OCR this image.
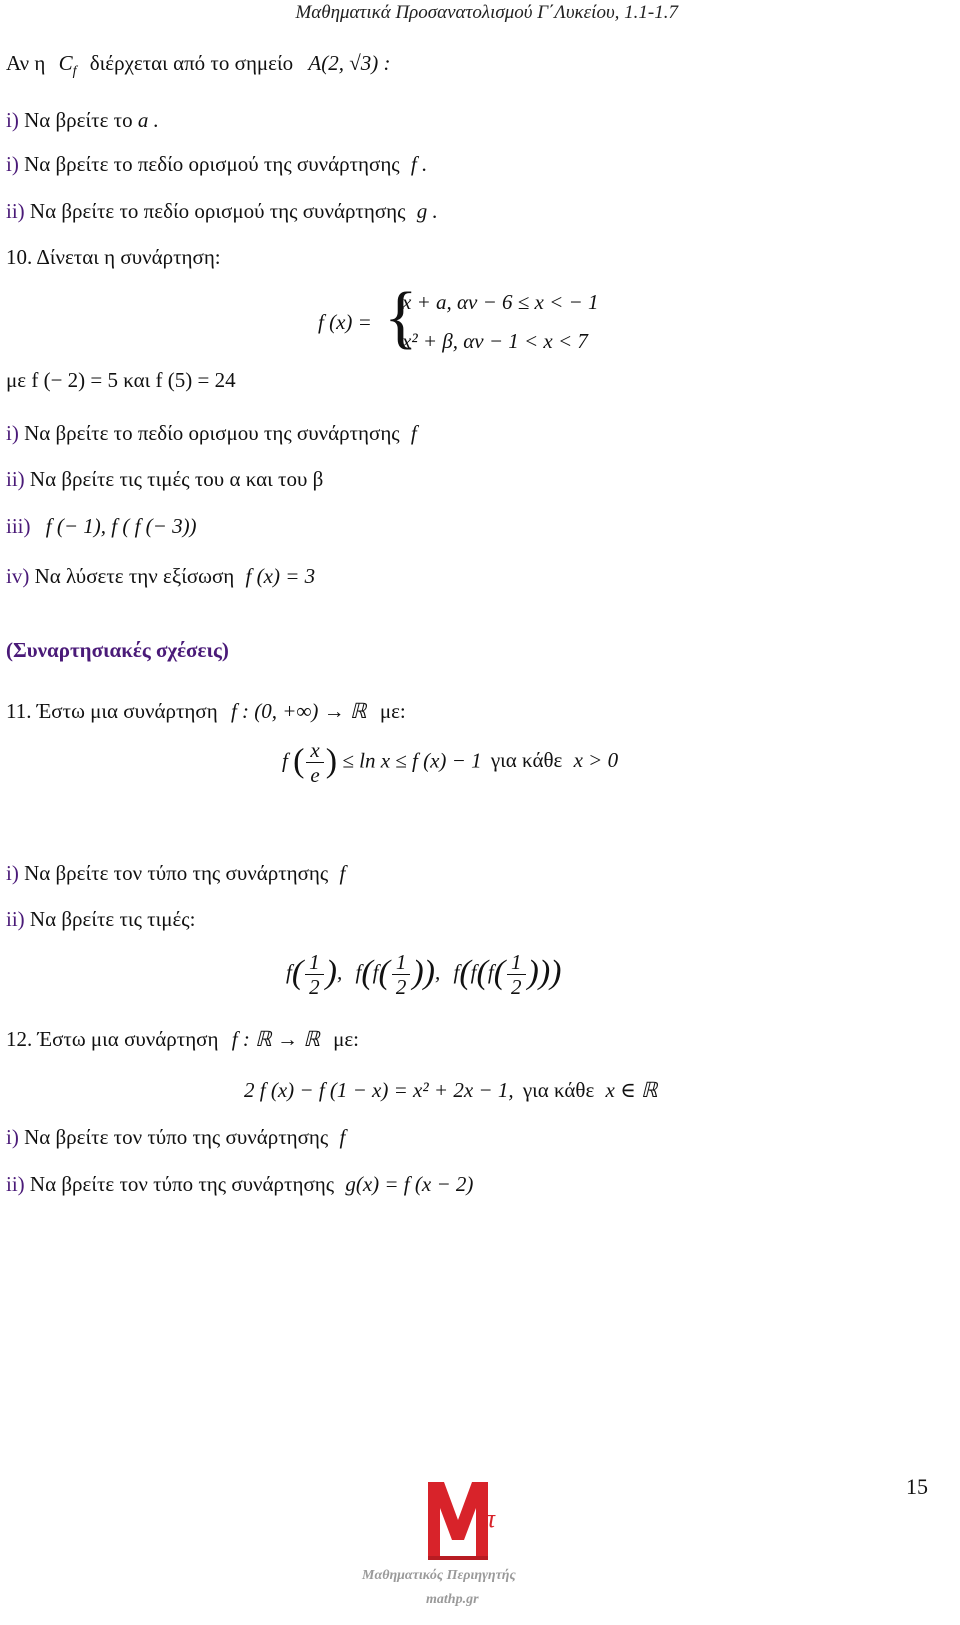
Μαθηματικά Προσανατολισμού Γ΄Λυκείου, 1.1-1.7
Αν η $C_f$ διέρχεται από το σημείο A(2, √3) :
i) Να βρείτε το a .
i) Να βρείτε το πεδίο ορισμού της συνάρτησης f .
ii) Να βρείτε το πεδίο ορισμού της συνάρτησης g .
10. Δίνεται η συνάρτηση:
f (x) = {
x + a, αν − 6 ≤ x < − 1
x² + β, αν − 1 < x < 7
με f (− 2) = 5 και f (5) = 24
i) Να βρείτε το πεδίο ορισμου της συνάρτησης f
ii) Να βρείτε τις τιμές του α και του β
iii) f (− 1), f ( f (− 3))
iv) Να λύσετε την εξίσωση f (x) = 3
(Συναρτησιακές σχέσεις)
11. Έστω μια συνάρτηση f : (0, +∞) → ℝ με:
f ( $\frac{x}{e}$ ) ≤ ln x ≤ f (x) − 1 για κάθε x > 0
i) Να βρείτε τον τύπο της συνάρτησης f
ii) Να βρείτε τις τιμές:
$f( \frac{1}{2}$ ), $f(f( \frac{1}{2}$ )), $f(f(f( \frac{1}{2}$ )))
12. Έστω μια συνάρτηση f : ℝ → ℝ με:
2 f (x) − f (1 − x) = x² + 2x − 1, για κάθε x ∈ ℝ
i) Να βρείτε τον τύπο της συνάρτησης f
ii) Να βρείτε τον τύπο της συνάρτησης g(x) = f (x − 2)
15
π
Μαθηματικός Περιηγητής
mathp.gr
